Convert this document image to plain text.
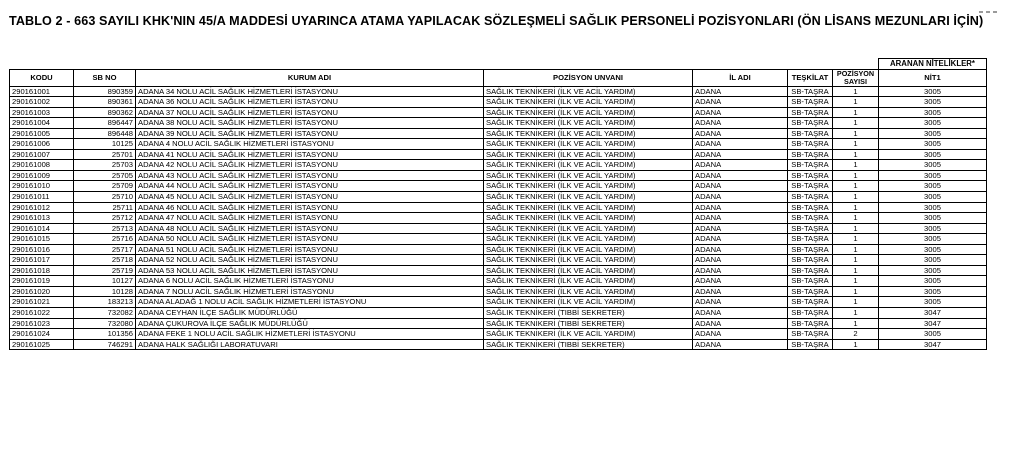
TABLO 2 - 663 SAYILI KHK'NIN 45/A MADDESİ UYARINCA ATAMA YAPILACAK SÖZLEŞMELİ SAĞLIK PERSONELİ POZİSYONLARI (ÖN LİSANS MEZUNLARI İÇİN)
							ARANAN NİTELİKLER*
KODU	SB NO	KURUM ADI	POZİSYON UNVANI	İL ADI	TEŞKİLAT	POZİSYON
SAYISI	NİT1
290161001	890359	ADANA 34 NOLU ACİL SAĞLIK HİZMETLERİ İSTASYONU	SAĞLIK TEKNİKERİ (İLK VE ACİL YARDIM)	ADANA	SB-TAŞRA	1	3005
290161002	890361	ADANA 36 NOLU ACİL SAĞLIK HİZMETLERİ İSTASYONU	SAĞLIK TEKNİKERİ (İLK VE ACİL YARDIM)	ADANA	SB-TAŞRA	1	3005
290161003	890362	ADANA 37 NOLU ACİL SAĞLIK HİZMETLERİ İSTASYONU	SAĞLIK TEKNİKERİ (İLK VE ACİL YARDIM)	ADANA	SB-TAŞRA	1	3005
290161004	896447	ADANA 38 NOLU ACİL SAĞLIK HİZMETLERİ İSTASYONU	SAĞLIK TEKNİKERİ (İLK VE ACİL YARDIM)	ADANA	SB-TAŞRA	1	3005
290161005	896448	ADANA 39 NOLU ACİL SAĞLIK HİZMETLERİ İSTASYONU	SAĞLIK TEKNİKERİ (İLK VE ACİL YARDIM)	ADANA	SB-TAŞRA	1	3005
290161006	10125	ADANA 4 NOLU ACİL SAĞLIK HİZMETLERİ İSTASYONU	SAĞLIK TEKNİKERİ (İLK VE ACİL YARDIM)	ADANA	SB-TAŞRA	1	3005
290161007	25701	ADANA 41 NOLU ACİL SAĞLIK HİZMETLERİ İSTASYONU	SAĞLIK TEKNİKERİ (İLK VE ACİL YARDIM)	ADANA	SB-TAŞRA	1	3005
290161008	25703	ADANA 42 NOLU ACİL SAĞLIK HİZMETLERİ İSTASYONU	SAĞLIK TEKNİKERİ (İLK VE ACİL YARDIM)	ADANA	SB-TAŞRA	1	3005
290161009	25705	ADANA 43 NOLU ACİL SAĞLIK HİZMETLERİ İSTASYONU	SAĞLIK TEKNİKERİ (İLK VE ACİL YARDIM)	ADANA	SB-TAŞRA	1	3005
290161010	25709	ADANA 44 NOLU ACİL SAĞLIK HİZMETLERİ İSTASYONU	SAĞLIK TEKNİKERİ (İLK VE ACİL YARDIM)	ADANA	SB-TAŞRA	1	3005
290161011	25710	ADANA 45 NOLU ACİL SAĞLIK HİZMETLERİ İSTASYONU	SAĞLIK TEKNİKERİ (İLK VE ACİL YARDIM)	ADANA	SB-TAŞRA	1	3005
290161012	25711	ADANA 46 NOLU ACİL SAĞLIK HİZMETLERİ İSTASYONU	SAĞLIK TEKNİKERİ (İLK VE ACİL YARDIM)	ADANA	SB-TAŞRA	1	3005
290161013	25712	ADANA 47 NOLU ACİL SAĞLIK HİZMETLERİ İSTASYONU	SAĞLIK TEKNİKERİ (İLK VE ACİL YARDIM)	ADANA	SB-TAŞRA	1	3005
290161014	25713	ADANA 48 NOLU ACİL SAĞLIK HİZMETLERİ İSTASYONU	SAĞLIK TEKNİKERİ (İLK VE ACİL YARDIM)	ADANA	SB-TAŞRA	1	3005
290161015	25716	ADANA 50 NOLU ACİL SAĞLIK HİZMETLERİ İSTASYONU	SAĞLIK TEKNİKERİ (İLK VE ACİL YARDIM)	ADANA	SB-TAŞRA	1	3005
290161016	25717	ADANA 51 NOLU ACİL SAĞLIK HİZMETLERİ İSTASYONU	SAĞLIK TEKNİKERİ (İLK VE ACİL YARDIM)	ADANA	SB-TAŞRA	1	3005
290161017	25718	ADANA 52 NOLU ACİL SAĞLIK HİZMETLERİ İSTASYONU	SAĞLIK TEKNİKERİ (İLK VE ACİL YARDIM)	ADANA	SB-TAŞRA	1	3005
290161018	25719	ADANA 53 NOLU ACİL SAĞLIK HİZMETLERİ İSTASYONU	SAĞLIK TEKNİKERİ (İLK VE ACİL YARDIM)	ADANA	SB-TAŞRA	1	3005
290161019	10127	ADANA 6 NOLU ACİL SAĞLIK HİZMETLERİ İSTASYONU	SAĞLIK TEKNİKERİ (İLK VE ACİL YARDIM)	ADANA	SB-TAŞRA	1	3005
290161020	10128	ADANA 7 NOLU ACİL SAĞLIK HİZMETLERİ İSTASYONU	SAĞLIK TEKNİKERİ (İLK VE ACİL YARDIM)	ADANA	SB-TAŞRA	1	3005
290161021	183213	ADANA ALADAĞ 1 NOLU ACİL SAĞLIK HİZMETLERİ İSTASYONU	SAĞLIK TEKNİKERİ (İLK VE ACİL YARDIM)	ADANA	SB-TAŞRA	1	3005
290161022	732082	ADANA CEYHAN İLÇE SAĞLIK MÜDÜRLÜĞÜ	SAĞLIK TEKNİKERİ (TIBBİ SEKRETER)	ADANA	SB-TAŞRA	1	3047
290161023	732080	ADANA ÇUKUROVA İLÇE SAĞLIK MÜDÜRLÜĞÜ	SAĞLIK TEKNİKERİ (TIBBİ SEKRETER)	ADANA	SB-TAŞRA	1	3047
290161024	101356	ADANA FEKE 1 NOLU ACİL SAĞLIK HİZMETLERİ İSTASYONU	SAĞLIK TEKNİKERİ (İLK VE ACİL YARDIM)	ADANA	SB-TAŞRA	2	3005
290161025	746291	ADANA HALK SAĞLIĞI LABORATUVARI	SAĞLIK TEKNİKERİ (TIBBİ SEKRETER)	ADANA	SB-TAŞRA	1	3047
